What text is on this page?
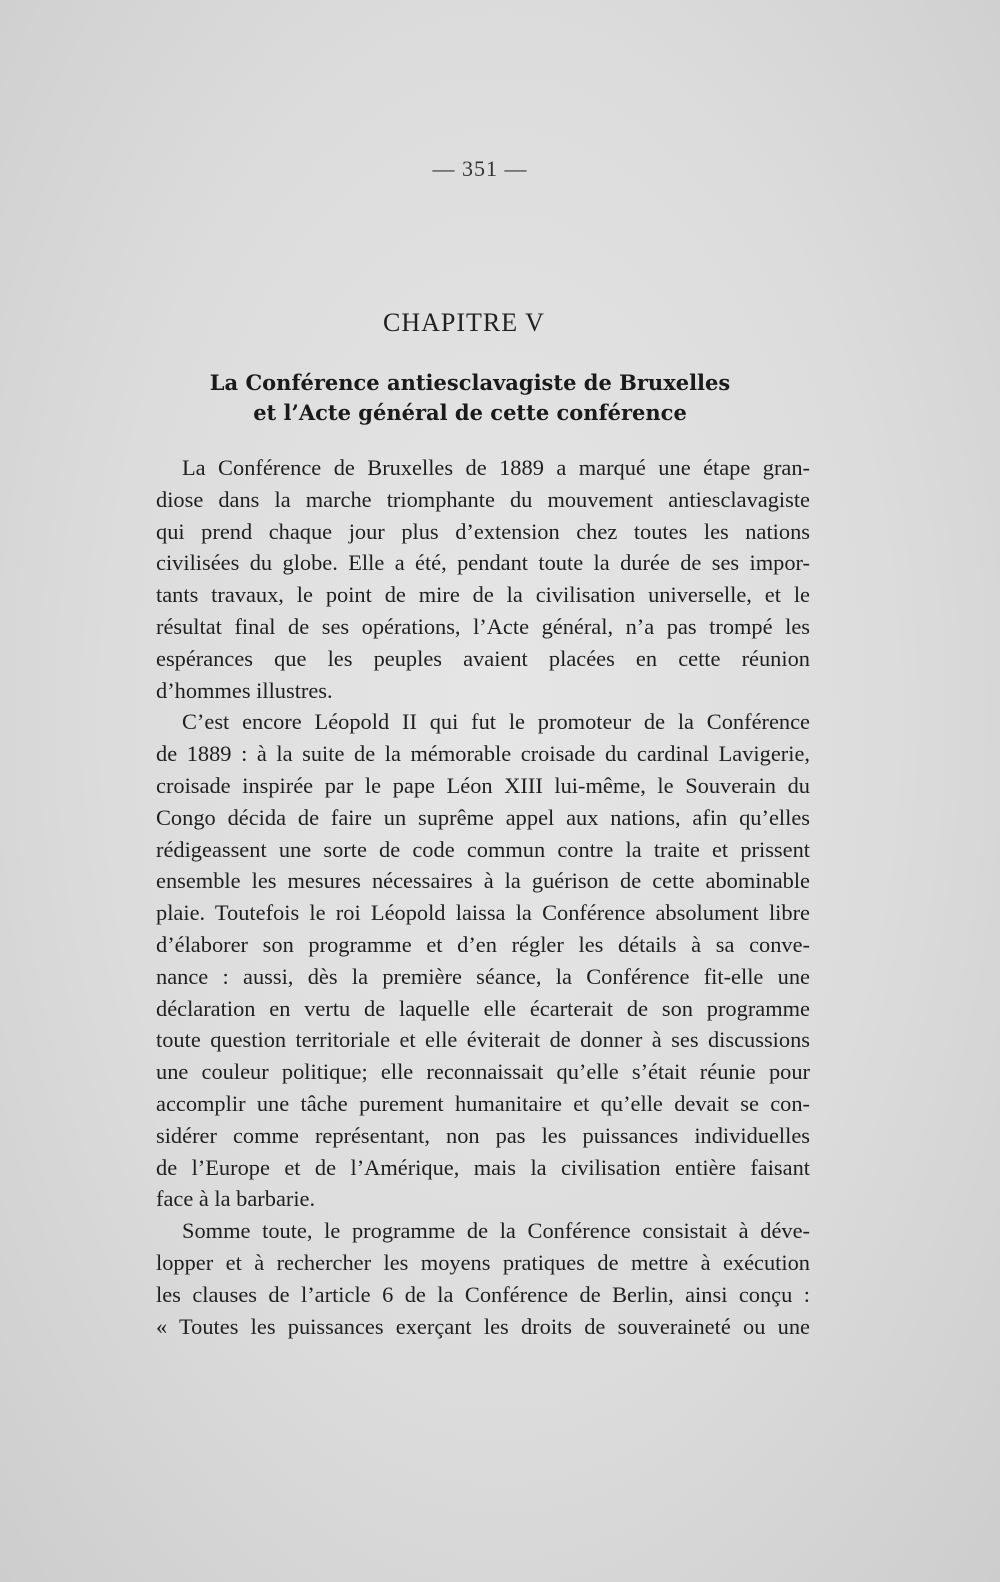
— 351 —
CHAPITRE V
La Conférence antiesclavagiste de Bruxelles
et l’Acte général de cette conférence

La Conférence de Bruxelles de 1889 a marqué une étape gran-
diose dans la marche triomphante du mouvement antiesclavagiste
qui prend chaque jour plus d’extension chez toutes les nations
civilisées du globe. Elle a été, pendant toute la durée de ses impor-
tants travaux, le point de mire de la civilisation universelle, et le
résultat final de ses opérations, l’Acte général, n’a pas trompé les
espérances que les peuples avaient placées en cette réunion
d’hommes illustres.

C’est encore Léopold II qui fut le promoteur de la Conférence
de 1889 : à la suite de la mémorable croisade du cardinal Lavigerie,
croisade inspirée par le pape Léon XIII lui-même, le Souverain du
Congo décida de faire un suprême appel aux nations, afin qu’elles
rédigeassent une sorte de code commun contre la traite et prissent
ensemble les mesures nécessaires à la guérison de cette abominable
plaie. Toutefois le roi Léopold laissa la Conférence absolument libre
d’élaborer son programme et d’en régler les détails à sa conve-
nance : aussi, dès la première séance, la Conférence fit-elle une
déclaration en vertu de laquelle elle écarterait de son programme
toute question territoriale et elle éviterait de donner à ses discussions
une couleur politique; elle reconnaissait qu’elle s’était réunie pour
accomplir une tâche purement humanitaire et qu’elle devait se con-
sidérer comme représentant, non pas les puissances individuelles
de l’Europe et de l’Amérique, mais la civilisation entière faisant
face à la barbarie.

Somme toute, le programme de la Conférence consistait à déve-
lopper et à rechercher les moyens pratiques de mettre à exécution
les clauses de l’article 6 de la Conférence de Berlin, ainsi conçu :
« Toutes les puissances exerçant les droits de souveraineté ou une
